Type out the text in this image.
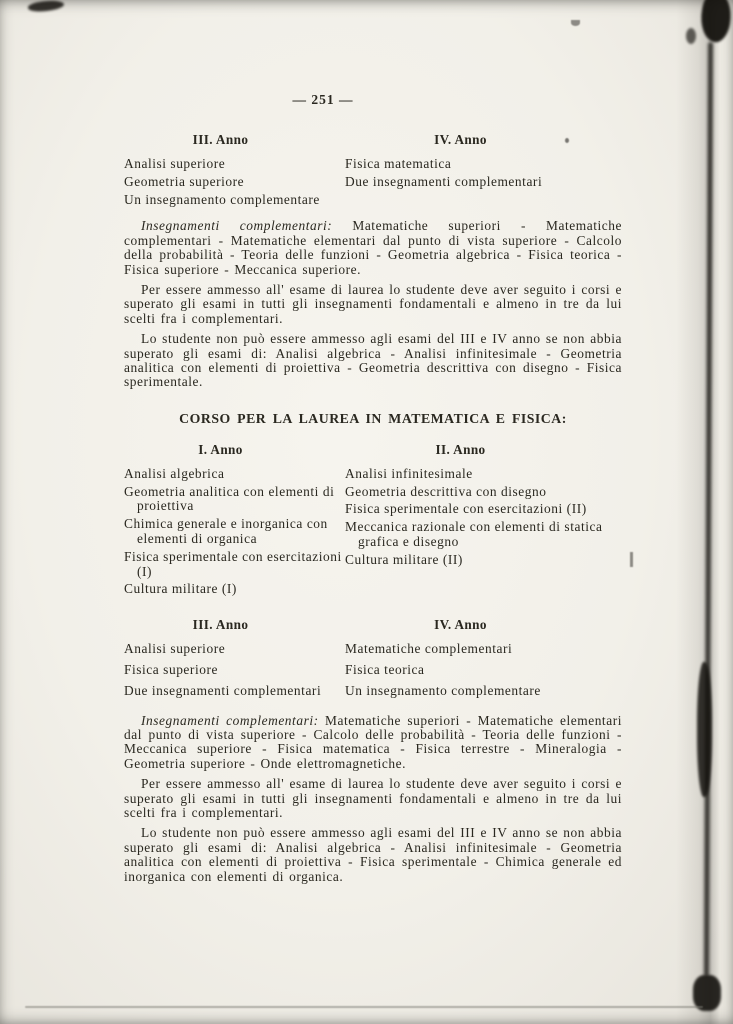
— 251 —
III. Anno
Analisi superiore
Geometria superiore
Un insegnamento complementare
IV. Anno
Fisica matematica
Due insegnamenti complementari

Insegnamenti complementari: Matematiche superiori - Matematiche complementari - Matematiche elementari dal punto di vista superiore - Calcolo della probabilità - Teoria delle funzioni - Geometria algebrica - Fisica teorica - Fisica superiore - Meccanica superiore.

Per essere ammesso all' esame di laurea lo studente deve aver seguito i corsi e superato gli esami in tutti gli insegnamenti fondamentali e almeno in tre da lui scelti fra i complementari.

Lo studente non può essere ammesso agli esami del III e IV anno se non abbia superato gli esami di: Analisi algebrica - Analisi infinitesimale - Geometria analitica con elementi di proiettiva - Geometria descrittiva con disegno - Fisica sperimentale.

CORSO PER LA LAUREA IN MATEMATICA E FISICA:
I. Anno
Analisi algebrica
Geometria analitica con elementi di proiettiva
Chimica generale e inorganica con elementi di organica
Fisica sperimentale con esercitazioni (I)
Cultura militare (I)
II. Anno
Analisi infinitesimale
Geometria descrittiva con disegno
Fisica sperimentale con esercitazioni (II)
Meccanica razionale con elementi di statica grafica e disegno
Cultura militare (II)
III. Anno
Analisi superiore
Fisica superiore
Due insegnamenti complementari
IV. Anno
Matematiche complementari
Fisica teorica
Un insegnamento complementare

Insegnamenti complementari: Matematiche superiori - Matematiche elementari dal punto di vista superiore - Calcolo delle probabilità - Teoria delle funzioni - Meccanica superiore - Fisica matematica - Fisica terrestre - Mineralogia - Geometria superiore - Onde elettromagnetiche.

Per essere ammesso all' esame di laurea lo studente deve aver seguito i corsi e superato gli esami in tutti gli insegnamenti fondamentali e almeno in tre da lui scelti fra i complementari.

Lo studente non può essere ammesso agli esami del III e IV anno se non abbia superato gli esami di: Analisi algebrica - Analisi infinitesimale - Geometria analitica con elementi di proiettiva - Fisica sperimentale - Chimica generale ed inorganica con elementi di organica.
